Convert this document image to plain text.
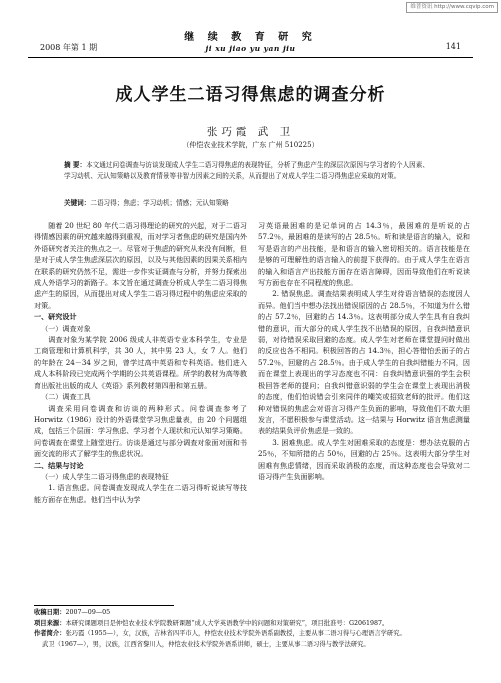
维普资讯 http://www.cqvip.com
2008 年第 1 期
继 续 教 育 研 究
ji xu jiao yu yan jiu	141
成人学生二语习得焦虑的调查分析
张巧霞 武 卫
（仲恺农业技术学院，广东 广州 510225）
摘 要：本文通过问卷调查与访谈发现成人学生二语习得焦虑的表现特征，分析了焦虑产生的深层次原因与学习者的个人因素、学习动机、元认知策略以及教育情景等非智力因素之间的关系，从而提出了对成人学生二语习得焦虑应采取的对策。
关键词：二语习得；焦虑；学习动机；情感；元认知策略

随着 20 世纪 80 年代二语习得理论的研究的兴起，对于二语习得情感因素的研究越来越得到重视，而对学习者焦虑的研究是国内外外语研究者关注的焦点之一。尽管对于焦虑的研究从来没有间断，但是对于成人学生焦虑深层次的原因，以及与其他因素的因果关系相内在联系的研究仍然不足，需进一步作实证调查与分析，并努力探索出成人外语学习的新路子。本文旨在通过调查分析成人学生二语习得焦虑产生的原因，从而提出对成人学生二语习得过程中的焦虑应采取的对策。

一、研究设计

（一）调查对象

调查对象为某学院 2006 级成人非英语专业本科学生，专业是工商管理和计算机科学，共 30 人，其中男 23 人，女 7 人。他们的年龄在 24－34 岁之间，曾学过高中英语和专科英语。他们进入成人本科阶段已完成两个学期的公共英语课程。所学的教材为高等教育出版社出版的成人《英语》系列教材第四册和第五册。

（二）调查工具

调查采用问卷调查和访谈的两种形式。问卷调查参考了 Horwitz（1986）设计的外语课堂学习焦虑量表，由 20 个问题组成，包括三个层面：学习焦虑、学习者个人现状和元认知学习策略。问卷调查在课堂上随堂进行。访谈是通过与部分调查对象面对面和书面交流的形式了解学生的焦虑状况。

二、结果与讨论

（一）成人学生二语习得焦虑的表现特征

1. 语言焦虑。问卷调查发现成人学生在二语习得听说读写等技能方面存在焦虑。他们当中认为学

习英语最困难的是记单词的占 14.3％，最困难的是听说的占 57.2％，最困难的是读写的占 28.5％。听和读是语言的输入，说和写是语言的产出技能，是和语言的输入密切相关的。语言技能是在是够的可理解性的语言输入的前提下获得的。由于成人学生在语言的输入和语言产出技能方面存在语言障碍，因而导致他们在听说读写方面也存在不同程度的焦虑。

2. 错误焦虑。调查结果表明成人学生对待语言错误的态度因人而异。他们当中想办法找出错误原因的占 28.5％，不知道为什么错的占 57.2％，回避的占 14.3％。这表明部分成人学生具有自我纠错的意识，而大部分的成人学生找不出错误的原因，自我纠错意识弱，对待错误采取回避的态度。成人学生对老师在课堂提问时做出的反应也各不相同。积极回答的占 14.3％，担心答错怕丢面子的占 57.2％，回避的占 28.5％。由于成人学生的自我纠错能力不同，因而在课堂上表现出的学习态度也不同：自我纠错意识强的学生会积极回答老师的提问；自我纠错意识弱的学生会在课堂上表现出消极的态度，他们怕说错会引来同伴的嘲笑或招致老师的批评。他们这种对错误的焦虑会对语言习得产生负面的影响，导致他们不敢大胆发言，不愿积极参与课堂活动。这一结果与 Horwitz 语言焦虑测量表的结果负评价焦虑是一致的。

3. 困难焦虑。成人学生对困难采取的态度是：想办法克服的占 25％，不知所措的占 50％，回避的占 25％。这表明大部分学生对困难有焦虑情绪，因而采取消极的态度，而这种态度也会导致对二语习得产生负面影响。

收稿日期：2007—09—05

项目来源：本研究课题项目是仲恺农业技术学院教研课题“成人大学英语教学中的问题和对策研究”，项目批准号：G2061987。

作者简介：张巧霞（1955—），女，汉族，吉林省四平市人，仲恺农业技术学院外语系副教授，主要从事二语习得与心理语言学研究。

武卫（1967—），男，汉族，江西省黎川人，仲恺农业技术学院外语系讲师，硕士，主要从事二语习得与教学法研究。
